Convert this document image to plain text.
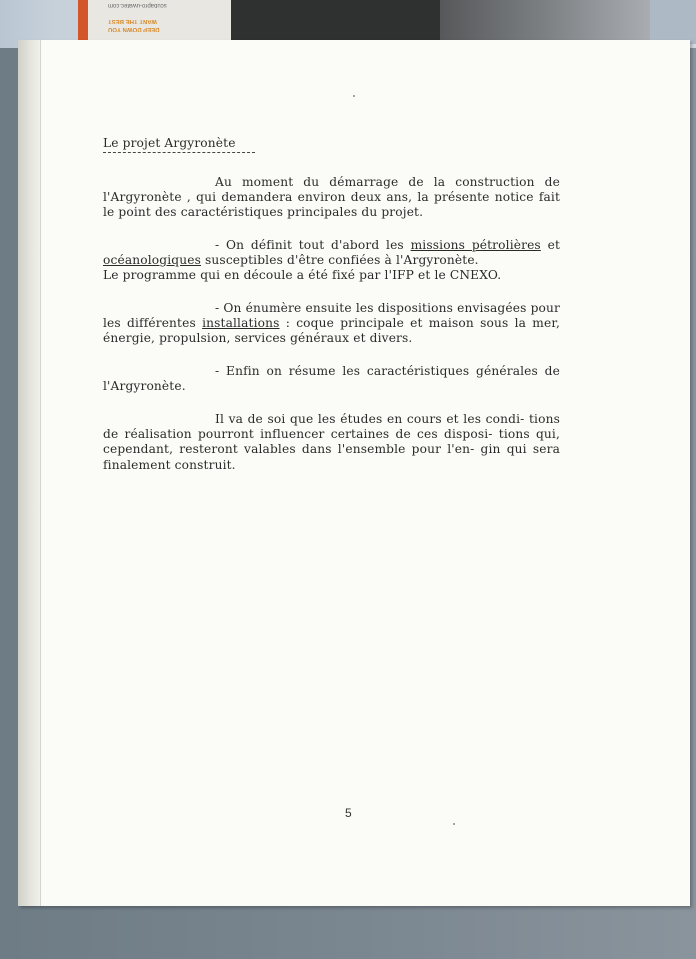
scubapro-uwatec.com
WANT THE BEST
DEEP DOWN YOU
Le projet Argyronète
Au moment du démarrage de la construction de l'Argyronète , qui demandera environ deux ans, la présente notice fait le point des caractéristiques principales du projet.
- On définit tout d'abord les missions pétrolières et océanologiques susceptibles d'être confiées à l'Argyronète.
Le programme qui en découle a été fixé par l'IFP et le CNEXO.
- On énumère ensuite les dispositions envisagées pour les différentes installations : coque principale et maison sous la mer, énergie, propulsion, services généraux et divers.
- Enfin on résume les caractéristiques générales de l'Argyronète.
Il va de soi que les études en cours et les condi- tions de réalisation pourront influencer certaines de ces disposi- tions qui, cependant, resteront valables dans l'ensemble pour l'en- gin qui sera finalement construit.
5
